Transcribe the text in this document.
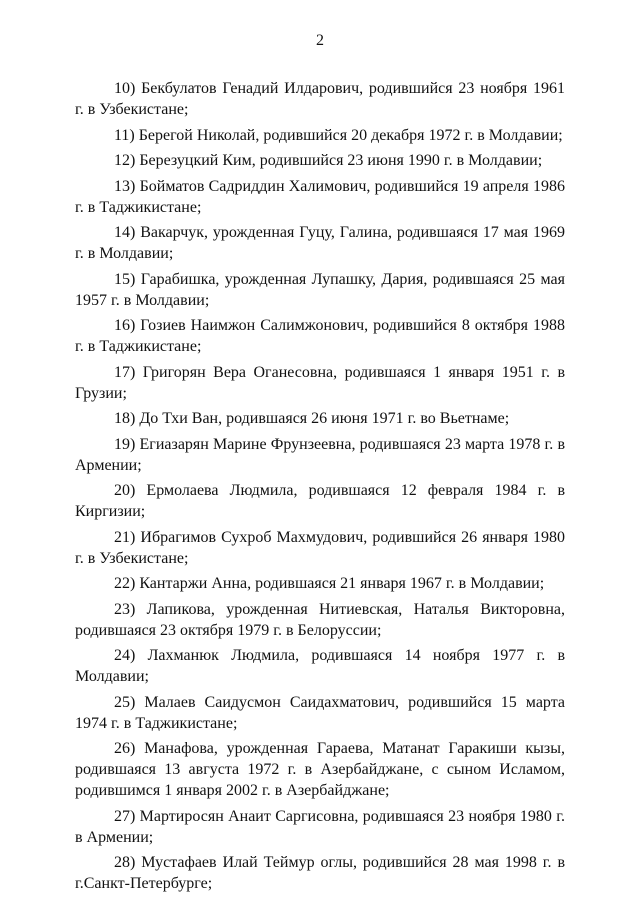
2

10) Бекбулатов Генадий Илдарович, родившийся 23 ноября 1961 г. в Узбекистане;

11) Берегой Николай, родившийся 20 декабря 1972 г. в Молдавии;

12) Березуцкий Ким, родившийся 23 июня 1990 г. в Молдавии;

13) Бойматов Садриддин Халимович, родившийся 19 апреля 1986 г. в Таджикистане;

14) Вакарчук, урожденная Гуцу, Галина, родившаяся 17 мая 1969 г. в Молдавии;

15) Гарабишка, урожденная Лупашку, Дария, родившаяся 25 мая 1957 г. в Молдавии;

16) Гозиев Наимжон Салимжонович, родившийся 8 октября 1988 г. в Таджикистане;

17) Григорян Вера Оганесовна, родившаяся 1 января 1951 г. в Грузии;

18) До Тхи Ван, родившаяся 26 июня 1971 г. во Вьетнаме;

19) Егиазарян Марине Фрунзеевна, родившаяся 23 марта 1978 г. в Армении;

20) Ермолаева Людмила, родившаяся 12 февраля 1984 г. в Киргизии;

21) Ибрагимов Сухроб Махмудович, родившийся 26 января 1980 г. в Узбекистане;

22) Кантаржи Анна, родившаяся 21 января 1967 г. в Молдавии;

23) Лапикова, урожденная Нитиевская, Наталья Викторовна, родившаяся 23 октября 1979 г. в Белоруссии;

24) Лахманюк Людмила, родившаяся 14 ноября 1977 г. в Молдавии;

25) Малаев Саидусмон Саидахматович, родившийся 15 марта 1974 г. в Таджикистане;

26) Манафова, урожденная Гараева, Матанат Гаракиши кызы, родившаяся 13 августа 1972 г. в Азербайджане, с сыном Исламом, родившимся 1 января 2002 г. в Азербайджане;

27) Мартиросян Анаит Саргисовна, родившаяся 23 ноября 1980 г. в Армении;

28) Мустафаев Илай Теймур оглы, родившийся 28 мая 1998 г. в г.Санкт-Петербурге;
